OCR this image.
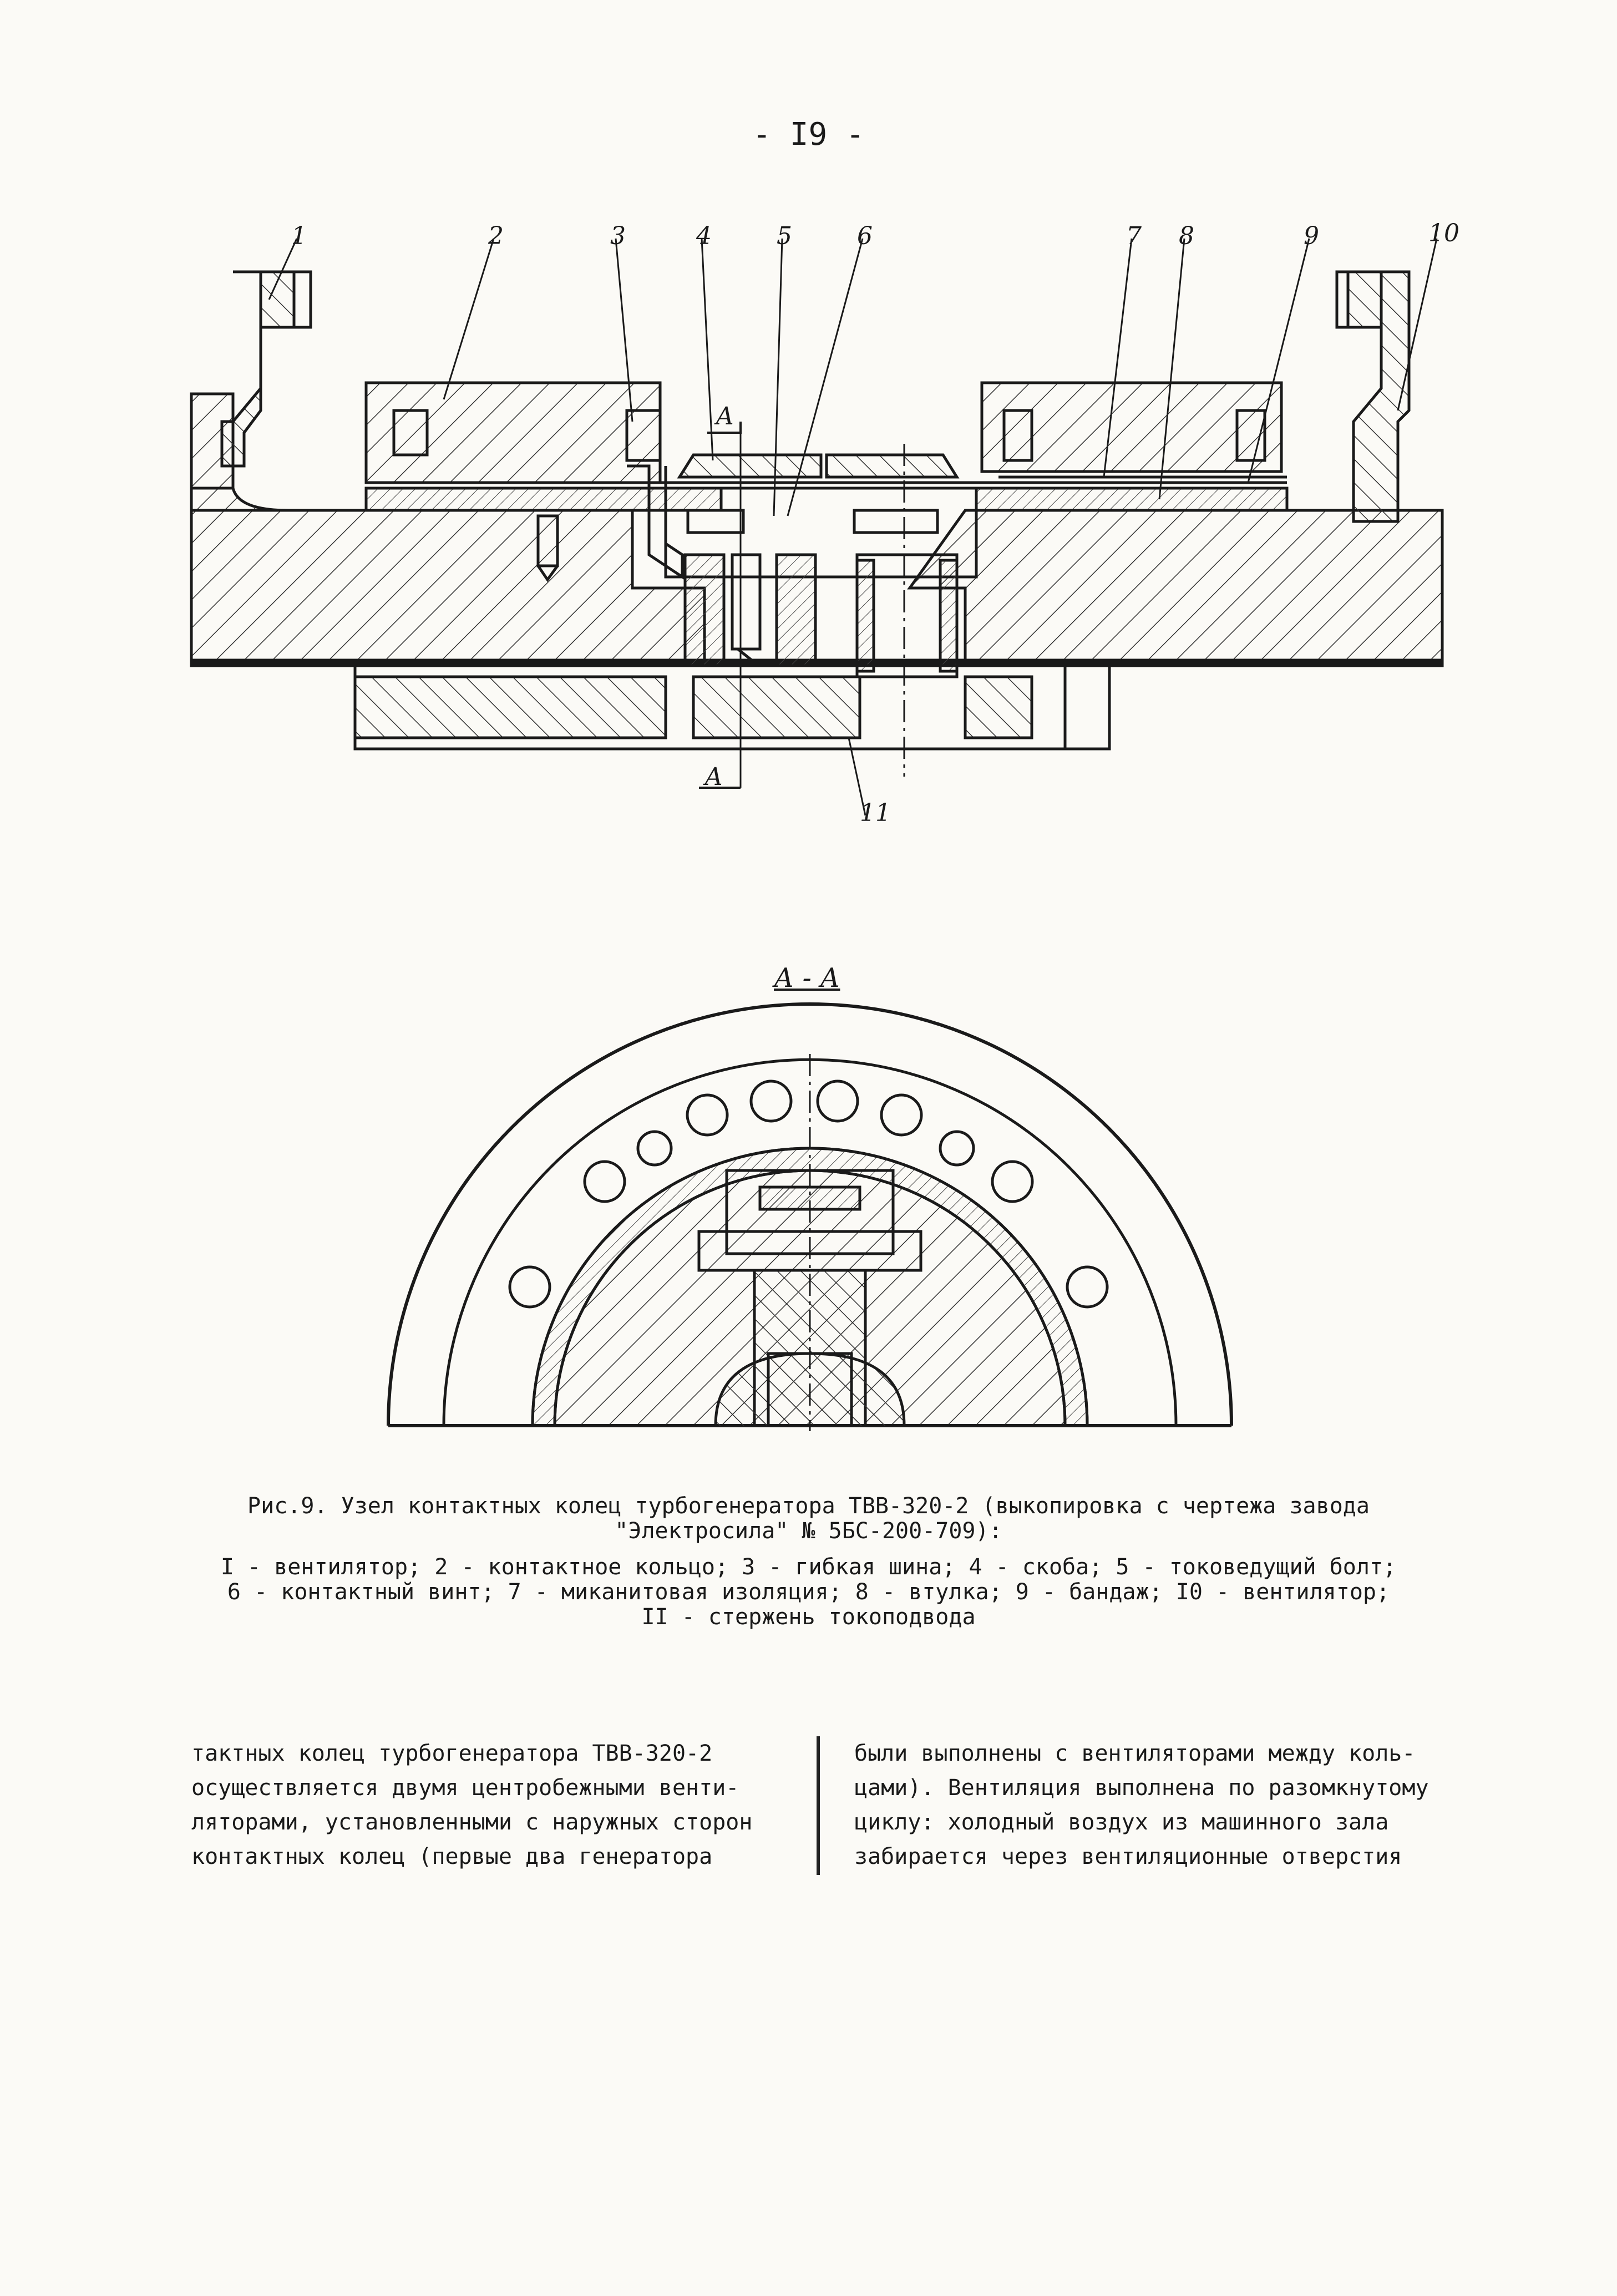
- I9 -
1	2	3	4	5	6	7 8	9	10
11
А
А
А - А
Рис.9. Узел контактных колец турбогенератора ТВВ-320-2 (выкопировка с чертежа завода
"Электросила" № 5БС-200-709):
I - вентилятор; 2 - контактное кольцо; 3 - гибкая шина; 4 - скоба; 5 - токоведущий болт;
6 - контактный винт; 7 - миканитовая изоляция; 8 - втулка; 9 - бандаж; I0 - вентилятор;
II - стержень токоподвода
тактных колец турбогенератора ТВВ-320-2
осуществляется двумя центробежными венти-
ляторами, установленными с наружных сторон
контактных колец (первые два генератора
были выполнены с вентиляторами между коль-
цами). Вентиляция выполнена по разомкнутому
циклу: холодный воздух из машинного зала
забирается через вентиляционные отверстия
